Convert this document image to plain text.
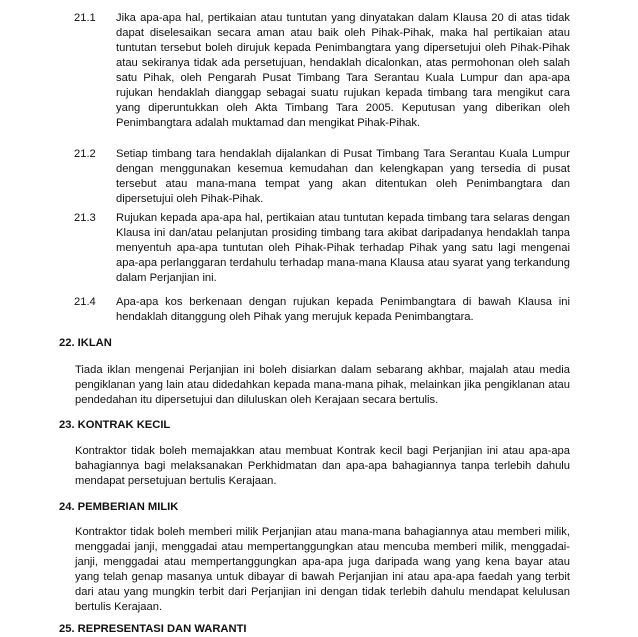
21.1	Jika apa-apa hal, pertikaian atau tuntutan yang dinyatakan dalam Klausa 20 di atas tidak dapat diselesaikan secara aman atau baik oleh Pihak-Pihak, maka hal pertikaian atau tuntutan tersebut boleh dirujuk kepada Penimbangtara yang dipersetujui oleh Pihak-Pihak atau sekiranya tidak ada persetujuan, hendaklah dicalonkan, atas permohonan oleh salah satu Pihak, oleh Pengarah Pusat Timbang Tara Serantau Kuala Lumpur dan apa-apa rujukan hendaklah dianggap sebagai suatu rujukan kepada timbang tara mengikut cara yang diperuntukkan oleh Akta Timbang Tara 2005. Keputusan yang diberikan oleh Penimbangtara adalah muktamad dan mengikat Pihak-Pihak.
21.2	Setiap timbang tara hendaklah dijalankan di Pusat Timbang Tara Serantau Kuala Lumpur dengan menggunakan kesemua kemudahan dan kelengkapan yang tersedia di pusat tersebut atau mana-mana tempat yang akan ditentukan oleh Penimbangtara dan dipersetujui oleh Pihak-Pihak.
21.3	Rujukan kepada apa-apa hal, pertikaian atau tuntutan kepada timbang tara selaras dengan Klausa ini dan/atau pelanjutan prosiding timbang tara akibat daripadanya hendaklah tanpa menyentuh apa-apa tuntutan oleh Pihak-Pihak terhadap Pihak yang satu lagi mengenai apa-apa perlanggaran terdahulu terhadap mana-mana Klausa atau syarat yang terkandung dalam Perjanjian ini.
21.4	Apa-apa kos berkenaan dengan rujukan kepada Penimbangtara di bawah Klausa ini hendaklah ditanggung oleh Pihak yang merujuk kepada Penimbangtara.
22. IKLAN
Tiada iklan mengenai Perjanjian ini boleh disiarkan dalam sebarang akhbar, majalah atau media pengiklanan yang lain atau didedahkan kepada mana-mana pihak, melainkan jika pengiklanan atau pendedahan itu dipersetujui dan diluluskan oleh Kerajaan secara bertulis.
23. KONTRAK KECIL
Kontraktor tidak boleh memajakkan atau membuat Kontrak kecil bagi Perjanjian ini atau apa-apa bahagiannya bagi melaksanakan Perkhidmatan dan apa-apa bahagiannya tanpa terlebih dahulu mendapat persetujuan bertulis Kerajaan.
24. PEMBERIAN MILIK
Kontraktor tidak boleh memberi milik Perjanjian atau mana-mana bahagiannya atau memberi milik, menggadai janji, menggadai atau mempertanggungkan atau mencuba memberi milik, menggadai-janji, menggadai atau mempertanggungkan apa-apa juga daripada wang yang kena bayar atau yang telah genap masanya untuk dibayar di bawah Perjanjian ini atau apa-apa faedah yang terbit dari atau yang mungkin terbit dari Perjanjian ini dengan tidak terlebih dahulu mendapat kelulusan bertulis Kerajaan.
25. REPRESENTASI DAN WARANTI
